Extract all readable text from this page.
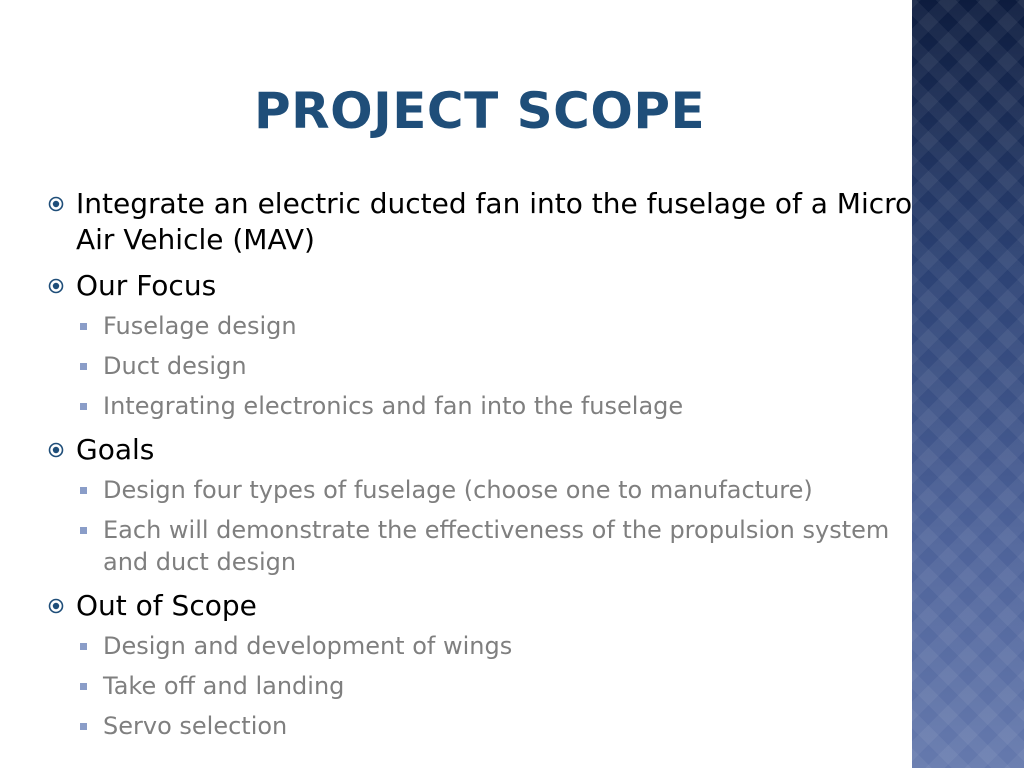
PROJECT SCOPE
Integrate an electric ducted fan into the fuselage of a Micro Air Vehicle (MAV)
Our Focus
Fuselage design
Duct design
Integrating electronics and fan into the fuselage
Goals
Design four types of fuselage (choose one to manufacture)
Each will demonstrate the effectiveness of the propulsion system and duct design
Out of Scope
Design and development of wings
Take off and landing
Servo selection
